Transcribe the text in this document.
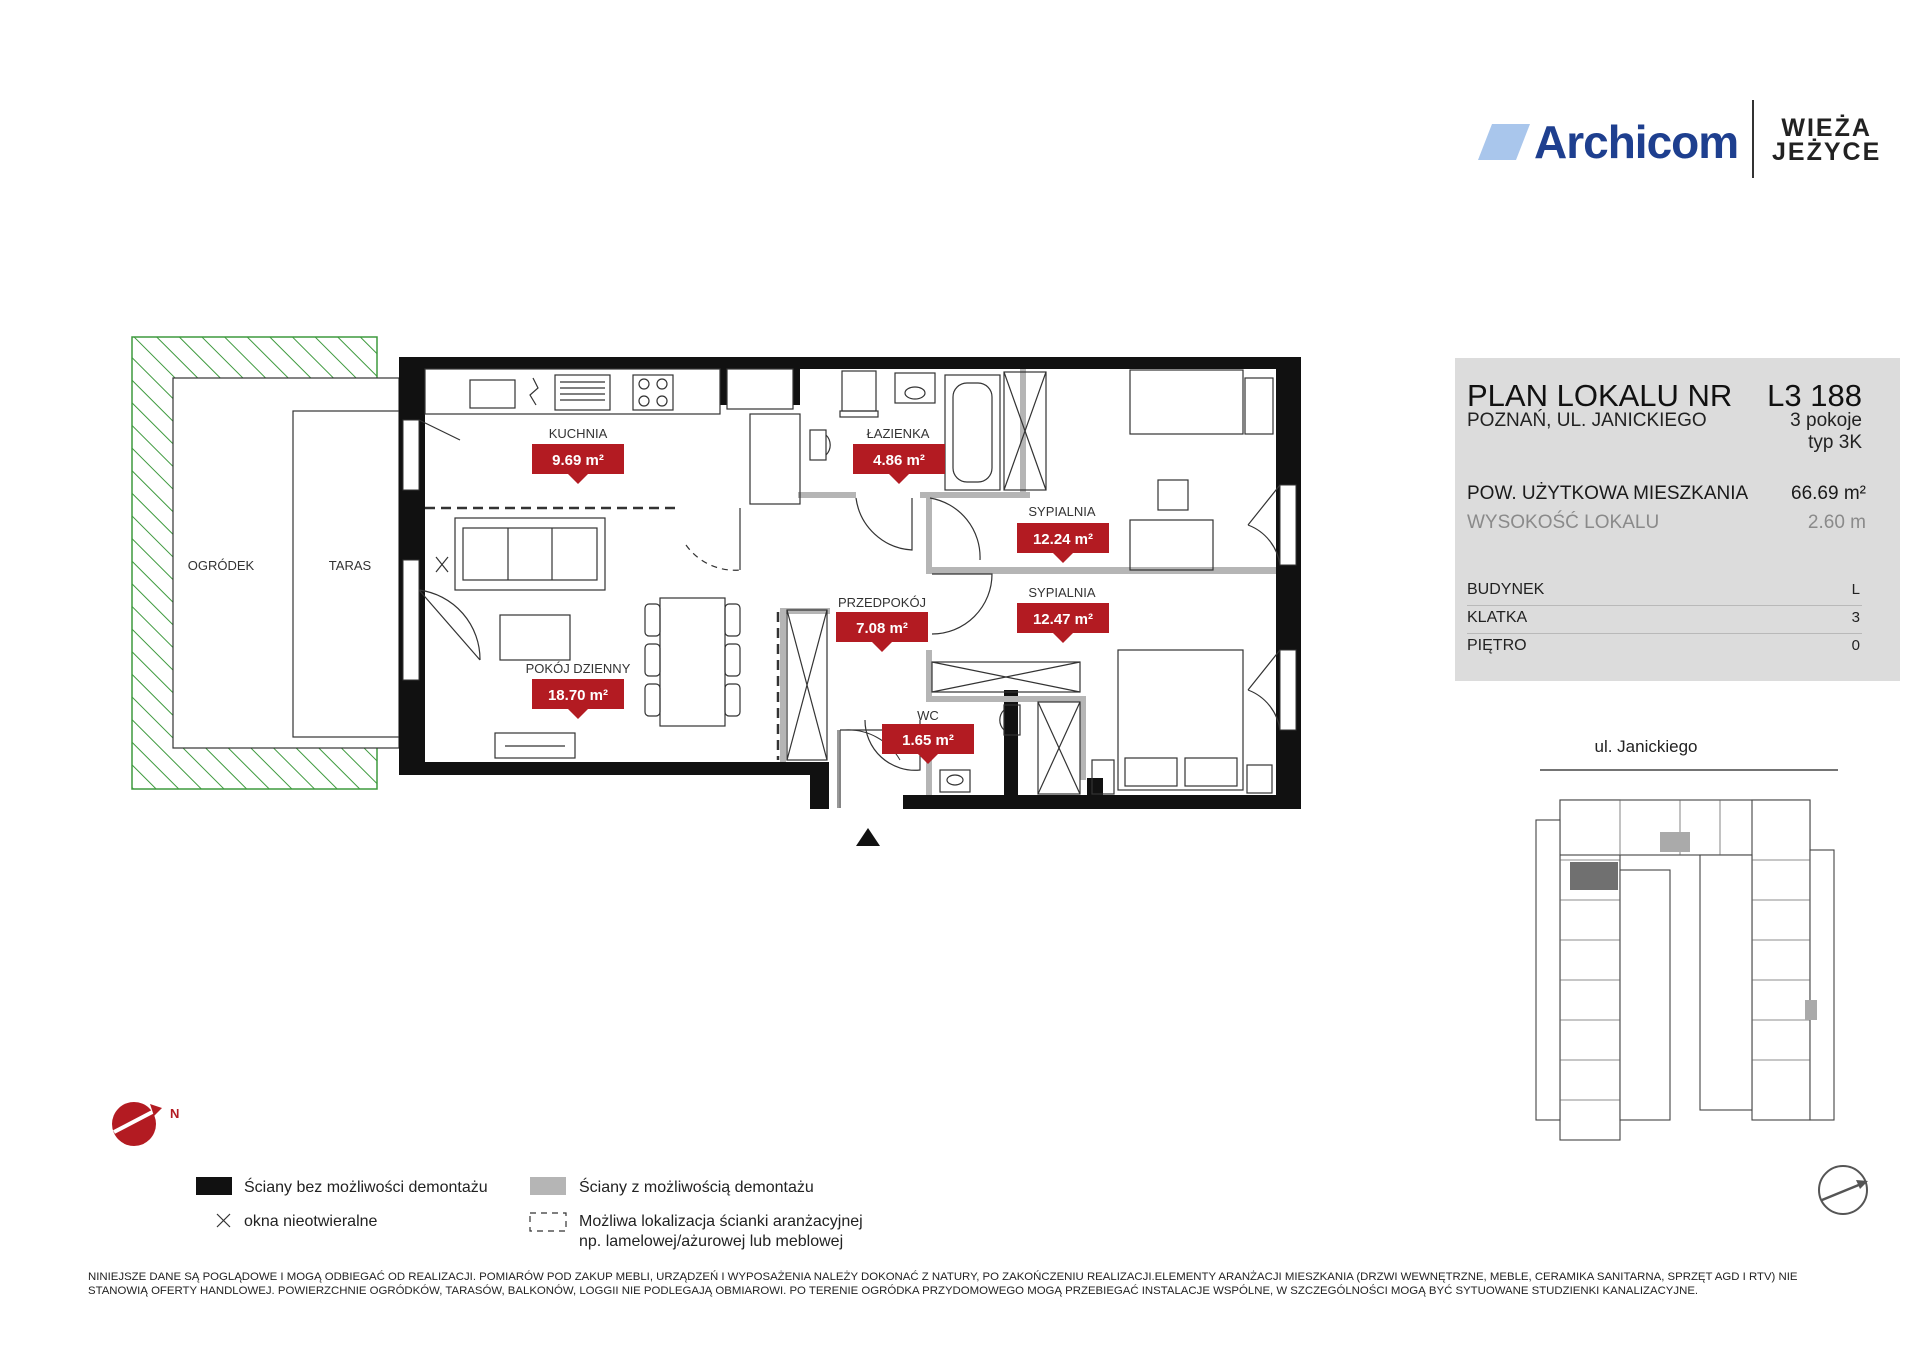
Archicom	WIEŻA
JEŻYCE
PLAN LOKALU NR L3 188
POZNAŃ, UL. JANICKIEGO	3 pokoje
typ 3K
POW. UŻYTKOWA MIESZKANIA 66.69 m²
WYSOKOŚĆ LOKALU	2.60 m
BUDYNEK	L
KLATKA	3
PIĘTRO	0
OGRÓDEK	TARAS
KUCHNIA	ŁAZIENKA
SYPIALNIA
SYPIALNIA
PRZEDPOKÓJ
POKÓJ DZIENNY
WC
9.69 m²	4.86 m²
12.24 m²
12.47 m²
7.08 m²
18.70 m²
1.65 m²
N
ul. Janickiego
Ściany bez możliwości demontażu	Ściany z możliwością demontażu
okna nieotwieralne	Możliwa lokalizacja ścianki aranżacyjnej
np. lamelowej/ażurowej lub meblowej
NINIEJSZE DANE SĄ POGLĄDOWE I MOGĄ ODBIEGAĆ OD REALIZACJI. POMIARÓW POD ZAKUP MEBLI, URZĄDZEŃ I WYPOSAŻENIA NALEŻY DOKONAĆ Z NATURY, PO ZAKOŃCZENIU REALIZACJI.ELEMENTY ARANŻACJI MIESZKANIA (DRZWI WEWNĘTRZNE, MEBLE, CERAMIKA SANITARNA, SPRZĘT AGD I RTV) NIE STANOWIĄ OFERTY HANDLOWEJ. POWIERZCHNIE OGRÓDKÓW, TARASÓW, BALKONÓW, LOGGII NIE PODLEGAJĄ OBMIAROWI. PO TERENIE OGRÓDKA PRZYDOMOWEGO MOGĄ PRZEBIEGAĆ INSTALACJE WSPÓLNE, W SZCZEGÓLNOŚCI MOGĄ BYĆ SYTUOWANE STUDZIENKI KANALIZACYJNE.
